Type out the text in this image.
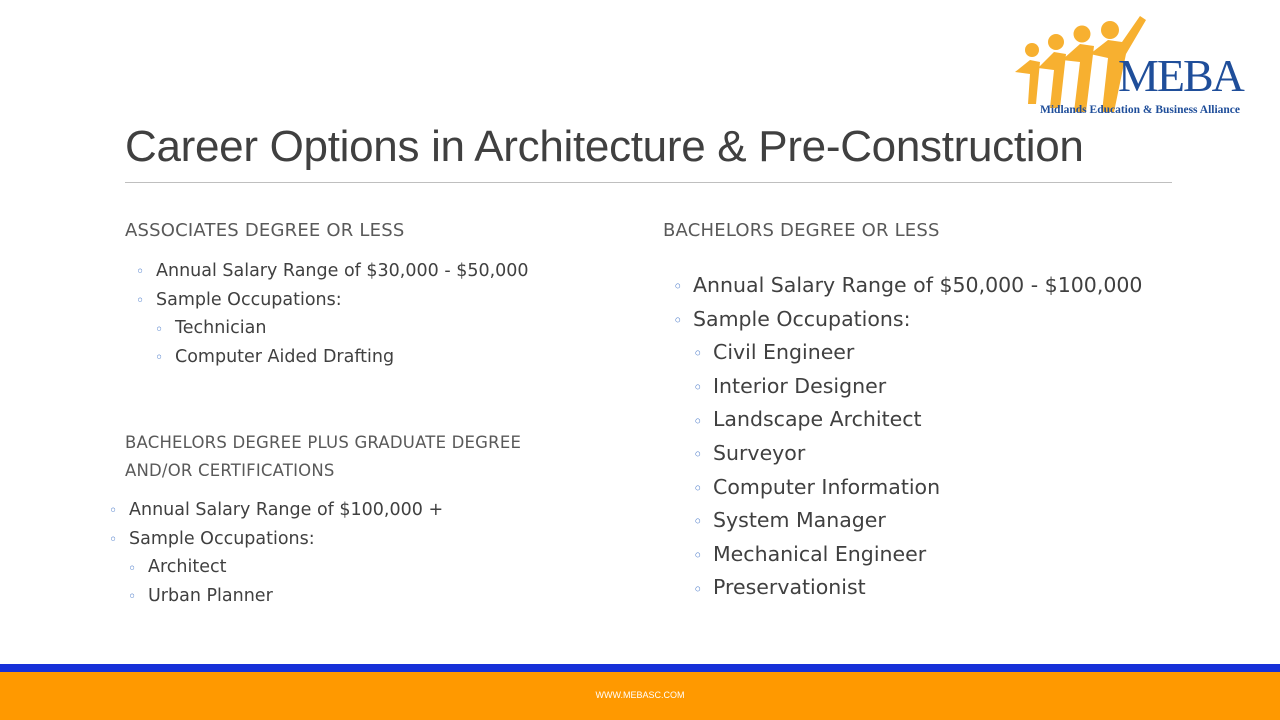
MEBA
Midlands Education & Business Alliance
Career Options in Architecture & Pre-Construction
ASSOCIATES DEGREE OR LESS
◦ Annual Salary Range of $30,000 - $50,000
◦ Sample Occupations:
◦ Technician
◦ Computer Aided Drafting
BACHELORS DEGREE PLUS GRADUATE DEGREE
AND/OR CERTIFICATIONS
◦ Annual Salary Range of $100,000 +
◦ Sample Occupations:
◦ Architect
◦ Urban Planner
BACHELORS DEGREE OR LESS
◦ Annual Salary Range of $50,000 - $100,000
◦ Sample Occupations:
◦ Civil Engineer
◦ Interior Designer
◦ Landscape Architect
◦ Surveyor
◦ Computer Information
◦ System Manager
◦ Mechanical Engineer
◦ Preservationist
WWW.MEBASC.COM
